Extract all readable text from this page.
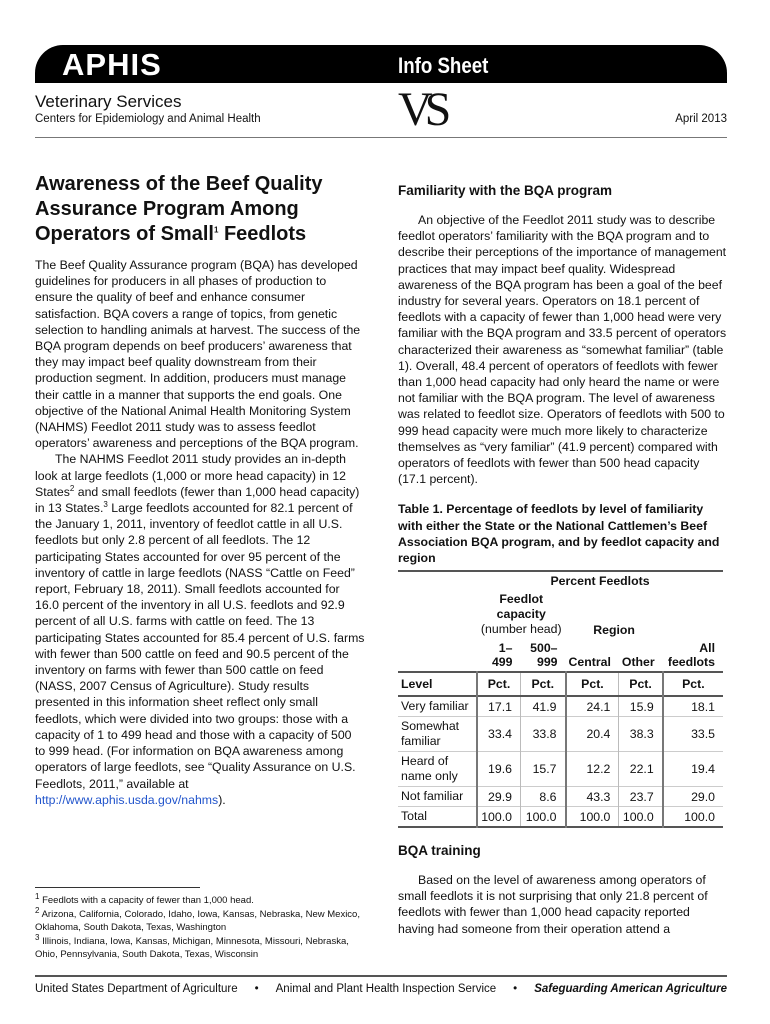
APHIS	Info Sheet
Veterinary Services
Centers for Epidemiology and Animal Health	VS	April 2013
Awareness of the Beef Quality Assurance Program Among Operators of Small$^1$ Feedlots

The Beef Quality Assurance program (BQA) has developed guidelines for producers in all phases of production to ensure the quality of beef and enhance consumer satisfaction. BQA covers a range of topics, from genetic selection to handling animals at harvest. The success of the BQA program depends on beef producers’ awareness that they may impact beef quality downstream from their production segment. In addition, producers must manage their cattle in a manner that supports the end goals. One objective of the National Animal Health Monitoring System (NAHMS) Feedlot 2011 study was to assess feedlot operators’ awareness and perceptions of the BQA program.

The NAHMS Feedlot 2011 study provides an in-depth look at large feedlots (1,000 or more head capacity) in 12 States$^2$ and small feedlots (fewer than 1,000 head capacity) in 13 States.$^3$ Large feedlots accounted for 82.1 percent of the January 1, 2011, inventory of feedlot cattle in all U.S. feedlots but only 2.8 percent of all feedlots. The 12 participating States accounted for over 95 percent of the inventory of cattle in large feedlots (NASS “Cattle on Feed” report, February 18, 2011). Small feedlots accounted for 16.0 percent of the inventory in all U.S. feedlots and 92.9 percent of all U.S. farms with cattle on feed. The 13 participating States accounted for 85.4 percent of U.S. farms with fewer than 500 cattle on feed and 90.5 percent of the inventory on farms with fewer than 500 cattle on feed (NASS, 2007 Census of Agriculture). Study results presented in this information sheet reflect only small feedlots, which were divided into two groups: those with a capacity of 1 to 499 head and those with a capacity of 500 to 999 head. (For information on BQA awareness among operators of large feedlots, see “Quality Assurance on U.S. Feedlots, 2011,” available at http://www.aphis.usda.gov/nahms).

Familiarity with the BQA program

An objective of the Feedlot 2011 study was to describe feedlot operators’ familiarity with the BQA program and to describe their perceptions of the importance of management practices that may impact beef quality. Widespread awareness of the BQA program has been a goal of the beef industry for several years. Operators on 18.1 percent of feedlots with a capacity of fewer than 1,000 head were very familiar with the BQA program and 33.5 percent of operators characterized their awareness as “somewhat familiar” (table 1). Overall, 48.4 percent of operators of feedlots with fewer than 1,000 head capacity had only heard the name or were not familiar with the BQA program. The level of awareness was related to feedlot size. Operators of feedlots with 500 to 999 head capacity were much more likely to characterize themselves as “very familiar” (41.9 percent) compared with operators of feedlots with fewer than 500 head capacity (17.1 percent).

Table 1. Percentage of feedlots by level of familiarity with either the State or the National Cattlemen’s Beef Association BQA program, and by feedlot capacity and region

	Percent Feedlots				
	Feedlot capacity
(number head)		Region		
	1–499	500–999	Central	Other	All feedlots
Level	Pct.	Pct.	Pct.	Pct.	Pct.
Very familiar	17.1	41.9	24.1	15.9	18.1
Somewhat familiar	33.4	33.8	20.4	38.3	33.5
Heard of name only	19.6	15.7	12.2	22.1	19.4
Not familiar	29.9	8.6	43.3	23.7	29.0
Total	100.0	100.0	100.0	100.0	100.0
BQA training

Based on the level of awareness among operators of small feedlots it is not surprising that only 21.8 percent of feedlots with fewer than 1,000 head capacity reported having had someone from their operation attend a

$^1$ Feedlots with a capacity of fewer than 1,000 head.
$^2$ Arizona, California, Colorado, Idaho, Iowa, Kansas, Nebraska, New Mexico, Oklahoma, South Dakota, Texas, Washington
$^3$ Illinois, Indiana, Iowa, Kansas, Michigan, Minnesota, Missouri, Nebraska, Ohio, Pennsylvania, South Dakota, Texas, Wisconsin
United States Department of Agriculture • Animal and Plant Health Inspection Service • Safeguarding American Agriculture
